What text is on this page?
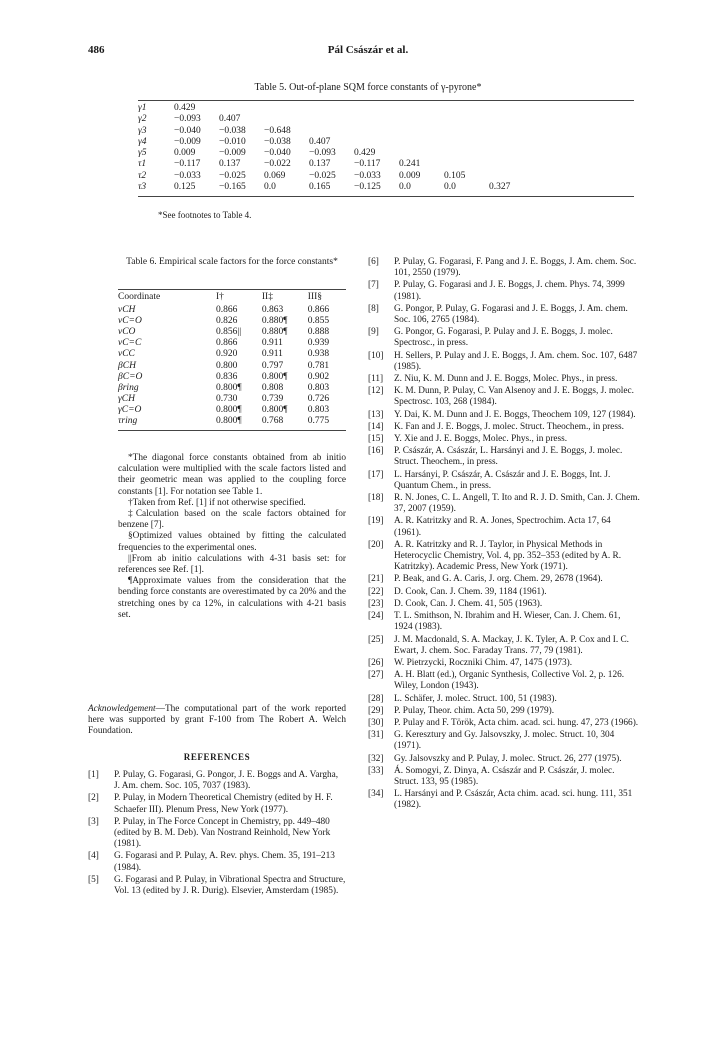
486	Pál Császár et al.
Table 5. Out-of-plane SQM force constants of γ-pyrone*
γ1	0.429							
γ2	−0.093	0.407						
γ3	−0.040	−0.038	−0.648					
γ4	−0.009	−0.010	−0.038	0.407				
γ5	0.009	−0.009	−0.040	−0.093	0.429			
τ1	−0.117	0.137	−0.022	0.137	−0.117	0.241		
τ2	−0.033	−0.025	0.069	−0.025	−0.033	0.009	0.105	
τ3	0.125	−0.165	0.0	0.165	−0.125	0.0	0.0	0.327
*See footnotes to Table 4.
Table 6. Empirical scale factors for the force constants*
Coordinate	I†	II‡	III§
νCH	0.866	0.863	0.866
νC=O	0.826	0.880¶	0.855
νCO	0.856||	0.880¶	0.888
νC=C	0.866	0.911	0.939
νCC	0.920	0.911	0.938
βCH	0.800	0.797	0.781
βC=O	0.836	0.800¶	0.902
βring	0.800¶	0.808	0.803
γCH	0.730	0.739	0.726
γC=O	0.800¶	0.800¶	0.803
τring	0.800¶	0.768	0.775

*The diagonal force constants obtained from ab initio calculation were multiplied with the scale factors listed and their geometric mean was applied to the coupling force constants [1]. For notation see Table 1.

†Taken from Ref. [1] if not otherwise specified.

‡Calculation based on the scale factors obtained for benzene [7].

§Optimized values obtained by fitting the calculated frequencies to the experimental ones.

||From ab initio calculations with 4-31 basis set: for references see Ref. [1].

¶Approximate values from the consideration that the bending force constants are overestimated by ca 20% and the stretching ones by ca 12%, in calculations with 4-21 basis set.

Acknowledgement—The computational part of the work reported here was supported by grant F-100 from The Robert A. Welch Foundation.
REFERENCES
[1]	P. Pulay, G. Fogarasi, G. Pongor, J. E. Boggs and A. Vargha, J. Am. chem. Soc. 105, 7037 (1983).
[2]	P. Pulay, in Modern Theoretical Chemistry (edited by H. F. Schaefer III). Plenum Press, New York (1977).
[3]	P. Pulay, in The Force Concept in Chemistry, pp. 449–480 (edited by B. M. Deb). Van Nostrand Reinhold, New York (1981).
[4]	G. Fogarasi and P. Pulay, A. Rev. phys. Chem. 35, 191–213 (1984).
[5]	G. Fogarasi and P. Pulay, in Vibrational Spectra and Structure, Vol. 13 (edited by J. R. Durig). Elsevier, Amsterdam (1985).
[6]	P. Pulay, G. Fogarasi, F. Pang and J. E. Boggs, J. Am. chem. Soc. 101, 2550 (1979).
[7]	P. Pulay, G. Fogarasi and J. E. Boggs, J. chem. Phys. 74, 3999 (1981).
[8]	G. Pongor, P. Pulay, G. Fogarasi and J. E. Boggs, J. Am. chem. Soc. 106, 2765 (1984).
[9]	G. Pongor, G. Fogarasi, P. Pulay and J. E. Boggs, J. molec. Spectrosc., in press.
[10]	H. Sellers, P. Pulay and J. E. Boggs, J. Am. chem. Soc. 107, 6487 (1985).
[11]	Z. Niu, K. M. Dunn and J. E. Boggs, Molec. Phys., in press.
[12]	K. M. Dunn, P. Pulay, C. Van Alsenoy and J. E. Boggs, J. molec. Spectrosc. 103, 268 (1984).
[13]	Y. Dai, K. M. Dunn and J. E. Boggs, Theochem 109, 127 (1984).
[14]	K. Fan and J. E. Boggs, J. molec. Struct. Theochem., in press.
[15]	Y. Xie and J. E. Boggs, Molec. Phys., in press.
[16]	P. Császár, A. Császár, L. Harsányi and J. E. Boggs, J. molec. Struct. Theochem., in press.
[17]	L. Harsányi, P. Császár, A. Császár and J. E. Boggs, Int. J. Quantum Chem., in press.
[18]	R. N. Jones, C. L. Angell, T. Ito and R. J. D. Smith, Can. J. Chem. 37, 2007 (1959).
[19]	A. R. Katritzky and R. A. Jones, Spectrochim. Acta 17, 64 (1961).
[20]	A. R. Katritzky and R. J. Taylor, in Physical Methods in Heterocyclic Chemistry, Vol. 4, pp. 352–353 (edited by A. R. Katritzky). Academic Press, New York (1971).
[21]	P. Beak, and G. A. Caris, J. org. Chem. 29, 2678 (1964).
[22]	D. Cook, Can. J. Chem. 39, 1184 (1961).
[23]	D. Cook, Can. J. Chem. 41, 505 (1963).
[24]	T. L. Smithson, N. Ibrahim and H. Wieser, Can. J. Chem. 61, 1924 (1983).
[25]	J. M. Macdonald, S. A. Mackay, J. K. Tyler, A. P. Cox and I. C. Ewart, J. chem. Soc. Faraday Trans. 77, 79 (1981).
[26]	W. Pietrzycki, Roczniki Chim. 47, 1475 (1973).
[27]	A. H. Blatt (ed.), Organic Synthesis, Collective Vol. 2, p. 126. Wiley, London (1943).
[28]	L. Schäfer, J. molec. Struct. 100, 51 (1983).
[29]	P. Pulay, Theor. chim. Acta 50, 299 (1979).
[30]	P. Pulay and F. Török, Acta chim. acad. sci. hung. 47, 273 (1966).
[31]	G. Keresztury and Gy. Jalsovszky, J. molec. Struct. 10, 304 (1971).
[32]	Gy. Jalsovszky and P. Pulay, J. molec. Struct. 26, 277 (1975).
[33]	Á. Somogyi, Z. Dinya, A. Császár and P. Császár, J. molec. Struct. 133, 95 (1985).
[34]	L. Harsányi and P. Császár, Acta chim. acad. sci. hung. 111, 351 (1982).
